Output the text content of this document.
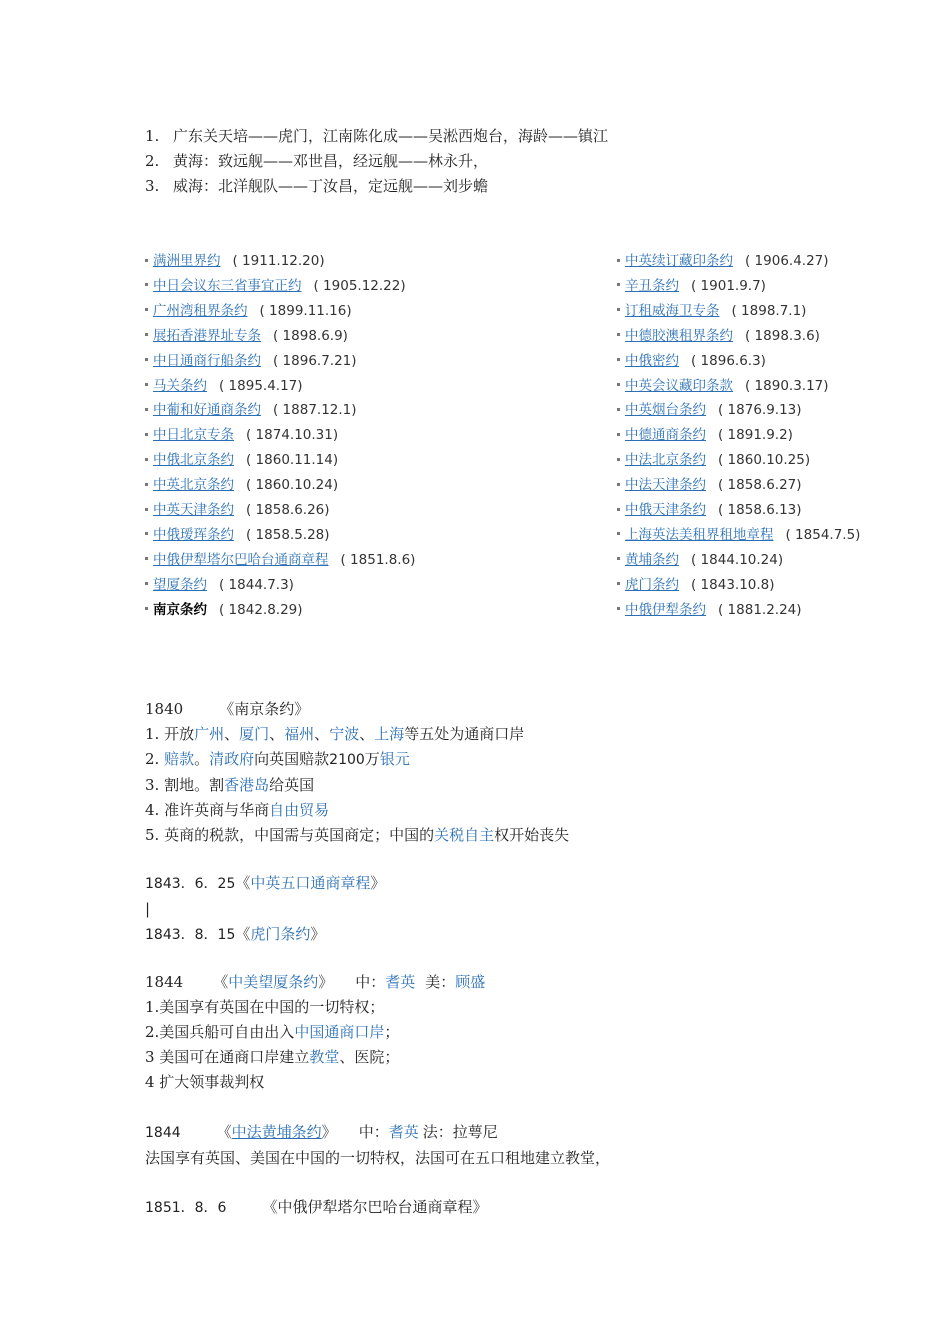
1. 广东关天培——虎门，江南陈化成——吴淞西炮台，海龄——镇江
2. 黄海：致远舰——邓世昌，经远舰——林永升，
3. 威海：北洋舰队——丁汝昌，定远舰——刘步蟾
满洲里界约 ( 1911.12.20)
中日会议东三省事宜正约 ( 1905.12.22)
广州湾租界条约 ( 1899.11.16)
展拓香港界址专条 ( 1898.6.9)
中日通商行船条约 ( 1896.7.21)
马关条约 ( 1895.4.17)
中葡和好通商条约 ( 1887.12.1)
中日北京专条 ( 1874.10.31)
中俄北京条约 ( 1860.11.14)
中英北京条约 ( 1860.10.24)
中英天津条约 ( 1858.6.26)
中俄瑷珲条约 ( 1858.5.28)
中俄伊犁塔尔巴哈台通商章程 ( 1851.8.6)
望厦条约 ( 1844.7.3)
南京条约 ( 1842.8.29)
中英续订藏印条约 ( 1906.4.27)
辛丑条约 ( 1901.9.7)
订租威海卫专条 ( 1898.7.1)
中德胶澳租界条约 ( 1898.3.6)
中俄密约 ( 1896.6.3)
中英会议藏印条款 ( 1890.3.17)
中英烟台条约 ( 1876.9.13)
中德通商条约 ( 1891.9.2)
中法北京条约 ( 1860.10.25)
中法天津条约 ( 1858.6.27)
中俄天津条约 ( 1858.6.13)
上海英法美租界租地章程 ( 1854.7.5)
黄埔条约 ( 1844.10.24)
虎门条约 ( 1843.10.8)
中俄伊犁条约 ( 1881.2.24)

1840 《南京条约》

1. 开放广州、厦门、福州、宁波、上海等五处为通商口岸

2. 赔款。清政府向英国赔款2100万银元

3. 割地。割香港岛给英国

4. 准许英商与华商自由贸易

5. 英商的税款，中国需与英国商定；中国的关税自主权开始丧失

1843．6．25《中英五口通商章程》

|

1843．8．15《虎门条约》

1844 《中美望厦条约》 中：耆英 美：顾盛

1.美国享有英国在中国的一切特权；

2.美国兵船可自由出入中国通商口岸；

3 美国可在通商口岸建立教堂、医院；

4 扩大领事裁判权

1844 《中法黄埔条约》 中：耆英 法：拉萼尼

法国享有英国、美国在中国的一切特权，法国可在五口租地建立教堂，

1851．8．6 《中俄伊犁塔尔巴哈台通商章程》
